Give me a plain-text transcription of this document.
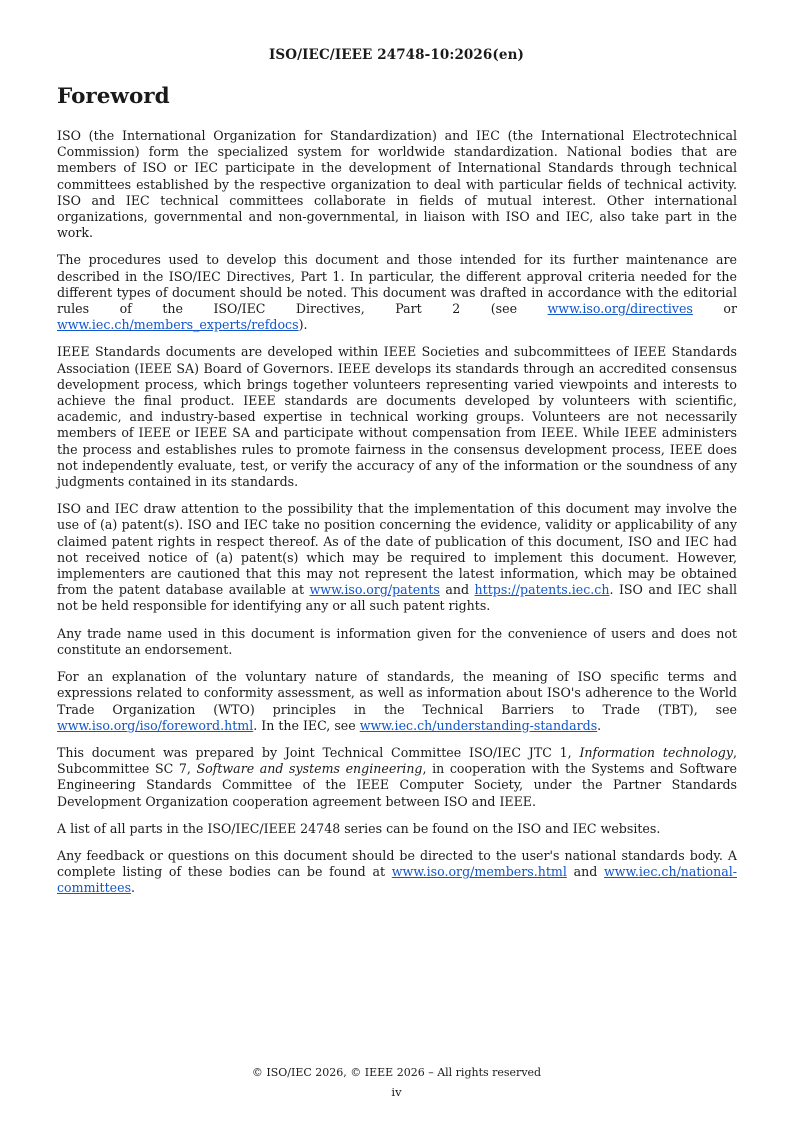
ISO/IEC/IEEE 24748-10:2026(en)
Foreword

ISO (the International Organization for Standardization) and IEC (the International Electrotechnical Commission) form the specialized system for worldwide standardization. National bodies that are members of ISO or IEC participate in the development of International Standards through technical committees established by the respective organization to deal with particular fields of technical activity. ISO and IEC technical committees collaborate in fields of mutual interest. Other international organizations, governmental and non-governmental, in liaison with ISO and IEC, also take part in the work.

The procedures used to develop this document and those intended for its further maintenance are described in the ISO/IEC Directives, Part 1. In particular, the different approval criteria needed for the different types of document should be noted. This document was drafted in accordance with the editorial rules of the ISO/IEC Directives, Part 2 (see www.iso.org/directives or www.iec.ch/members_experts/refdocs).

IEEE Standards documents are developed within IEEE Societies and subcommittees of IEEE Standards Association (IEEE SA) Board of Governors. IEEE develops its standards through an accredited consensus development process, which brings together volunteers representing varied viewpoints and interests to achieve the final product. IEEE standards are documents developed by volunteers with scientific, academic, and industry-based expertise in technical working groups. Volunteers are not necessarily members of IEEE or IEEE SA and participate without compensation from IEEE. While IEEE administers the process and establishes rules to promote fairness in the consensus development process, IEEE does not independently evaluate, test, or verify the accuracy of any of the information or the soundness of any judgments contained in its standards.

ISO and IEC draw attention to the possibility that the implementation of this document may involve the use of (a) patent(s). ISO and IEC take no position concerning the evidence, validity or applicability of any claimed patent rights in respect thereof. As of the date of publication of this document, ISO and IEC had not received notice of (a) patent(s) which may be required to implement this document. However, implementers are cautioned that this may not represent the latest information, which may be obtained from the patent database available at www.iso.org/patents and https://patents.iec.ch. ISO and IEC shall not be held responsible for identifying any or all such patent rights.

Any trade name used in this document is information given for the convenience of users and does not constitute an endorsement.

For an explanation of the voluntary nature of standards, the meaning of ISO specific terms and expressions related to conformity assessment, as well as information about ISO's adherence to the World Trade Organization (WTO) principles in the Technical Barriers to Trade (TBT), see www.iso.org/iso/foreword.html. In the IEC, see www.iec.ch/understanding-standards.

This document was prepared by Joint Technical Committee ISO/IEC JTC 1, Information technology, Subcommittee SC 7, Software and systems engineering, in cooperation with the Systems and Software Engineering Standards Committee of the IEEE Computer Society, under the Partner Standards Development Organization cooperation agreement between ISO and IEEE.

A list of all parts in the ISO/IEC/IEEE 24748 series can be found on the ISO and IEC websites.

Any feedback or questions on this document should be directed to the user's national standards body. A complete listing of these bodies can be found at www.iso.org/members.html and www.iec.ch/national-committees.

© ISO/IEC 2026, © IEEE 2026 – All rights reserved
iv
